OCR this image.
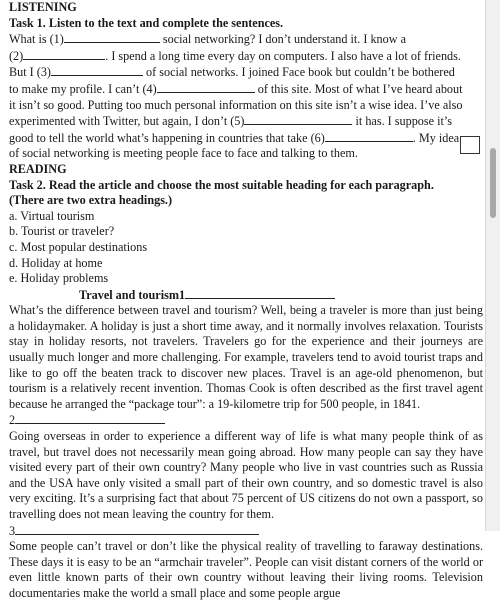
LISTENING
Task 1. Listen to the text and complete the sentences.
What is (1)	social networking? I don’t understand it. I know a
(2)	. I spend a long time every day on computers. I also have a lot of friends.
But I (3)	of social networks. I joined Face book but couldn’t be bothered
to make my profile. I can’t (4)	of this site. Most of what I’ve heard about
it isn’t so good. Putting too much personal information on this site isn’t a wise idea. I’ve also
experimented with Twitter, but again, I don’t (5)	it has. I suppose it’s
good to tell the world what’s happening in countries that take (6)	. My idea
of social networking is meeting people face to face and talking to them.
READING
Task 2. Read the article and choose the most suitable heading for each paragraph.
(There are two extra headings.)
a. Virtual tourism
b. Tourist or traveler?
c. Most popular destinations
d. Holiday at home
e. Holiday problems
Travel and tourism1
What’s the difference between travel and tourism? Well, being a traveler is more than just being a holidaymaker. A holiday is just a short time away, and it normally involves relaxation. Tourists stay in holiday resorts, not travelers. Travelers go for the experience and their journeys are usually much longer and more challenging. For example, travelers tend to avoid tourist traps and like to go off the beaten track to discover new places. Travel is an age-old phenomenon, but tourism is a relatively recent invention. Thomas Cook is often described as the first travel agent because he arranged the “package tour”: a 19-kilometre trip for 500 people, in 1841.
2
Going overseas in order to experience a different way of life is what many people think of as travel, but travel does not necessarily mean going abroad. How many people can say they have visited every part of their own country? Many people who live in vast countries such as Russia and the USA have only visited a small part of their own country, and so domestic travel is also very exciting. It’s a surprising fact that about 75 percent of US citizens do not own a passport, so travelling does not mean leaving the country for them.
3
Some people can’t travel or don’t like the physical reality of travelling to faraway destinations. These days it is easy to be an “armchair traveler”. People can visit distant corners of the world or even little known parts of their own country without leaving their living rooms. Television documentaries make the world a small place and some people argue
